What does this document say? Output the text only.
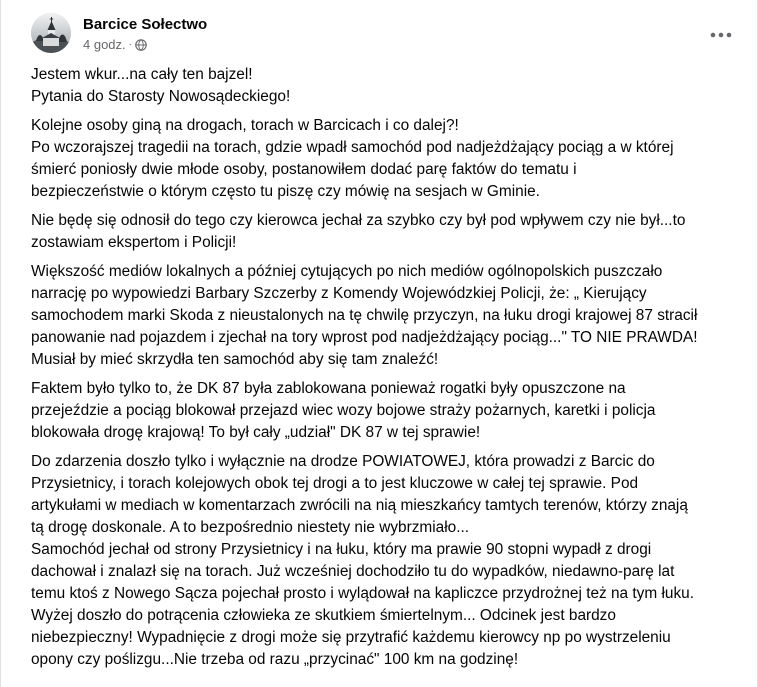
Barcice Sołectwo
4 godz. ·

Jestem wkur...na cały ten bajzel!
Pytania do Starosty Nowosądeckiego!

Kolejne osoby giną na drogach, torach w Barcicach i co dalej?!
Po wczorajszej tragedii na torach, gdzie wpadł samochód pod nadjeżdżający pociąg a w której
śmierć poniosły dwie młode osoby, postanowiłem dodać parę faktów do tematu i
bezpieczeństwie o którym często tu piszę czy mówię na sesjach w Gminie.

Nie będę się odnosił do tego czy kierowca jechał za szybko czy był pod wpływem czy nie był...to
zostawiam ekspertom i Policji!

Większość mediów lokalnych a później cytujących po nich mediów ogólnopolskich puszczało
narrację po wypowiedzi Barbary Szczerby z Komendy Wojewódzkiej Policji, że: „ Kierujący
samochodem marki Skoda z nieustalonych na tę chwilę przyczyn, na łuku drogi krajowej 87 stracił
panowanie nad pojazdem i zjechał na tory wprost pod nadjeżdżający pociąg..." TO NIE PRAWDA!
Musiał by mieć skrzydła ten samochód aby się tam znaleźć!

Faktem było tylko to, że DK 87 była zablokowana ponieważ rogatki były opuszczone na
przejeździe a pociąg blokował przejazd wiec wozy bojowe straży pożarnych, karetki i policja
blokowała drogę krajową! To był cały „udział" DK 87 w tej sprawie!

Do zdarzenia doszło tylko i wyłącznie na drodze POWIATOWEJ, która prowadzi z Barcic do
Przysietnicy, i torach kolejowych obok tej drogi a to jest kluczowe w całej tej sprawie. Pod
artykułami w mediach w komentarzach zwrócili na nią mieszkańcy tamtych terenów, którzy znają
tą drogę doskonale. A to bezpośrednio niestety nie wybrzmiało...
Samochód jechał od strony Przysietnicy i na łuku, który ma prawie 90 stopni wypadł z drogi
dachował i znalazł się na torach. Już wcześniej dochodziło tu do wypadków, niedawno-parę lat
temu ktoś z Nowego Sącza pojechał prosto i wylądował na kapliczce przydrożnej też na tym łuku.
Wyżej doszło do potrącenia człowieka ze skutkiem śmiertelnym... Odcinek jest bardzo
niebezpieczny! Wypadnięcie z drogi może się przytrafić każdemu kierowcy np po wystrzeleniu
opony czy poślizgu...Nie trzeba od razu „przycinać" 100 km na godzinę!
